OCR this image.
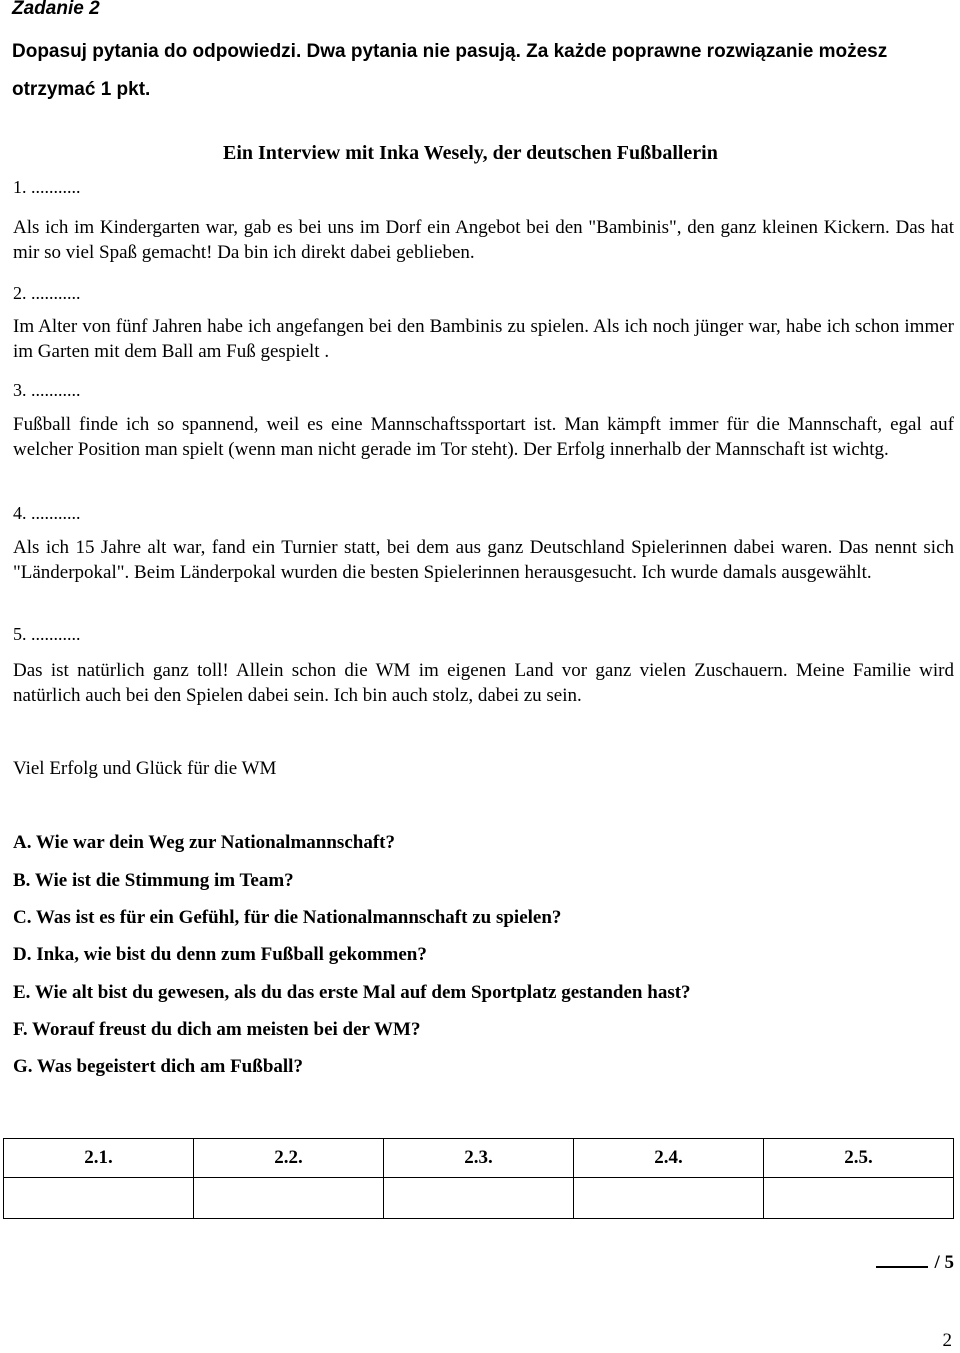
Zadanie 2
Dopasuj pytania do odpowiedzi. Dwa pytania nie pasują. Za każde poprawne rozwiązanie możesz otrzymać 1 pkt.
Ein Interview mit Inka Wesely, der deutschen Fußballerin
1. ...........
Als ich im Kindergarten war, gab es bei uns im Dorf ein Angebot bei den "Bambinis", den ganz kleinen Kickern. Das hat mir so viel Spaß gemacht! Da bin ich direkt dabei geblieben.
2. ...........
Im Alter von fünf Jahren habe ich angefangen bei den Bambinis zu spielen. Als ich noch jünger war, habe ich schon immer im Garten mit dem Ball am Fuß gespielt .
3. ...........
Fußball finde ich so spannend, weil es eine Mannschaftssportart ist. Man kämpft immer für die Mannschaft, egal auf welcher Position man spielt (wenn man nicht gerade im Tor steht). Der Erfolg innerhalb der Mannschaft ist wichtg.
4. ...........
Als ich 15 Jahre alt war, fand ein Turnier statt, bei dem aus ganz Deutschland Spielerinnen dabei waren. Das nennt sich "Länderpokal". Beim Länderpokal wurden die besten Spielerinnen herausgesucht. Ich wurde damals ausgewählt.
5. ...........
Das ist natürlich ganz toll! Allein schon die WM im eigenen Land vor ganz vielen Zuschauern. Meine Familie wird natürlich auch bei den Spielen dabei sein. Ich bin auch stolz, dabei zu sein.
Viel Erfolg und Glück für die WM
A. Wie war dein Weg zur Nationalmannschaft?
B. Wie ist die Stimmung im Team?
C. Was ist es für ein Gefühl, für die Nationalmannschaft zu spielen?
D. Inka, wie bist du denn zum Fußball gekommen?
E. Wie alt bist du gewesen, als du das erste Mal auf dem Sportplatz gestanden hast?
F. Worauf freust du dich am meisten bei der WM?
G. Was begeistert dich am Fußball?
2.1.	2.2.	2.3.	2.4.	2.5.

/ 5
2
